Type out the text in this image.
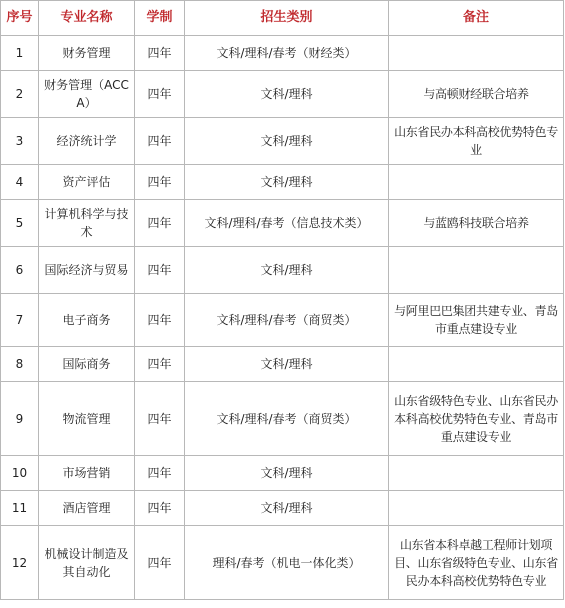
序号	专业名称	学制	招生类别	备注
1	财务管理	四年	文科/理科/春考（财经类）	
2	财务管理（ACCA）	四年	文科/理科	与高顿财经联合培养
3	经济统计学	四年	文科/理科	山东省民办本科高校优势特色专业
4	资产评估	四年	文科/理科	
5	计算机科学与技术	四年	文科/理科/春考（信息技术类）	与蓝鸥科技联合培养
6	国际经济与贸易	四年	文科/理科	
7	电子商务	四年	文科/理科/春考（商贸类）	与阿里巴巴集团共建专业、青岛市重点建设专业
8	国际商务	四年	文科/理科	
9	物流管理	四年	文科/理科/春考（商贸类）	山东省级特色专业、山东省民办本科高校优势特色专业、青岛市重点建设专业
10	市场营销	四年	文科/理科	
11	酒店管理	四年	文科/理科	
12	机械设计制造及其自动化	四年	理科/春考（机电一体化类）	山东省本科卓越工程师计划项目、山东省级特色专业、山东省民办本科高校优势特色专业
